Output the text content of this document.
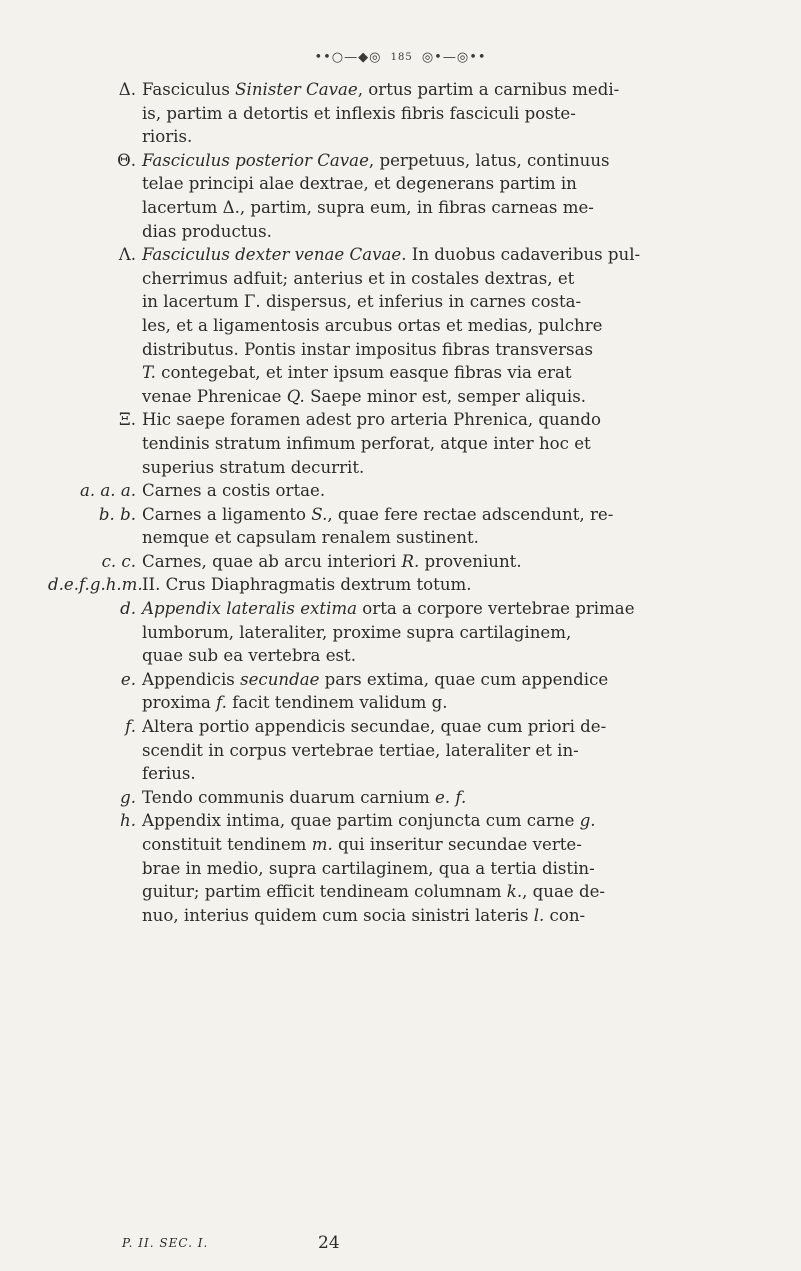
••○—◆◎ 185 ◎•—◎••
Δ. Fasciculus Sinister Cavae, ortus partim a carnibus medi-
is, partim a detortis et inflexis fibris fasciculi poste-
rioris.
Θ. Fasciculus posterior Cavae, perpetuus, latus, continuus
telae principi alae dextrae, et degenerans partim in
lacertum Δ., partim, supra eum, in fibras carneas me-
dias productus.
Λ. Fasciculus dexter venae Cavae. In duobus cadaveribus pul-
cherrimus adfuit; anterius et in costales dextras, et
in lacertum Γ. dispersus, et inferius in carnes costa-
les, et a ligamentosis arcubus ortas et medias, pulchre
distributus. Pontis instar impositus fibras transversas
T. contegebat, et inter ipsum easque fibras via erat
venae Phrenicae Q. Saepe minor est, semper aliquis.
Ξ. Hic saepe foramen adest pro arteria Phrenica, quando
tendinis stratum infimum perforat, atque inter hoc et
superius stratum decurrit.
a. a. a. Carnes a costis ortae.
b. b. Carnes a ligamento S., quae fere rectae adscendunt, re-
nemque et capsulam renalem sustinent.
c. c. Carnes, quae ab arcu interiori R. proveniunt.
d.e.f.g.h.m. II. Crus Diaphragmatis dextrum totum.
d. Appendix lateralis extima orta a corpore vertebrae primae
lumborum, lateraliter, proxime supra cartilaginem,
quae sub ea vertebra est.
e. Appendicis secundae pars extima, quae cum appendice
proxima f. facit tendinem validum g.
f. Altera portio appendicis secundae, quae cum priori de-
scendit in corpus vertebrae tertiae, lateraliter et in-
ferius.
g. Tendo communis duarum carnium e. f.
h. Appendix intima, quae partim conjuncta cum carne g.
constituit tendinem m. qui inseritur secundae verte-
brae in medio, supra cartilaginem, qua a tertia distin-
guitur; partim efficit tendineam columnam k., quae de-
nuo, interius quidem cum socia sinistri lateris l. con-
P. II. SEC. I.	24
